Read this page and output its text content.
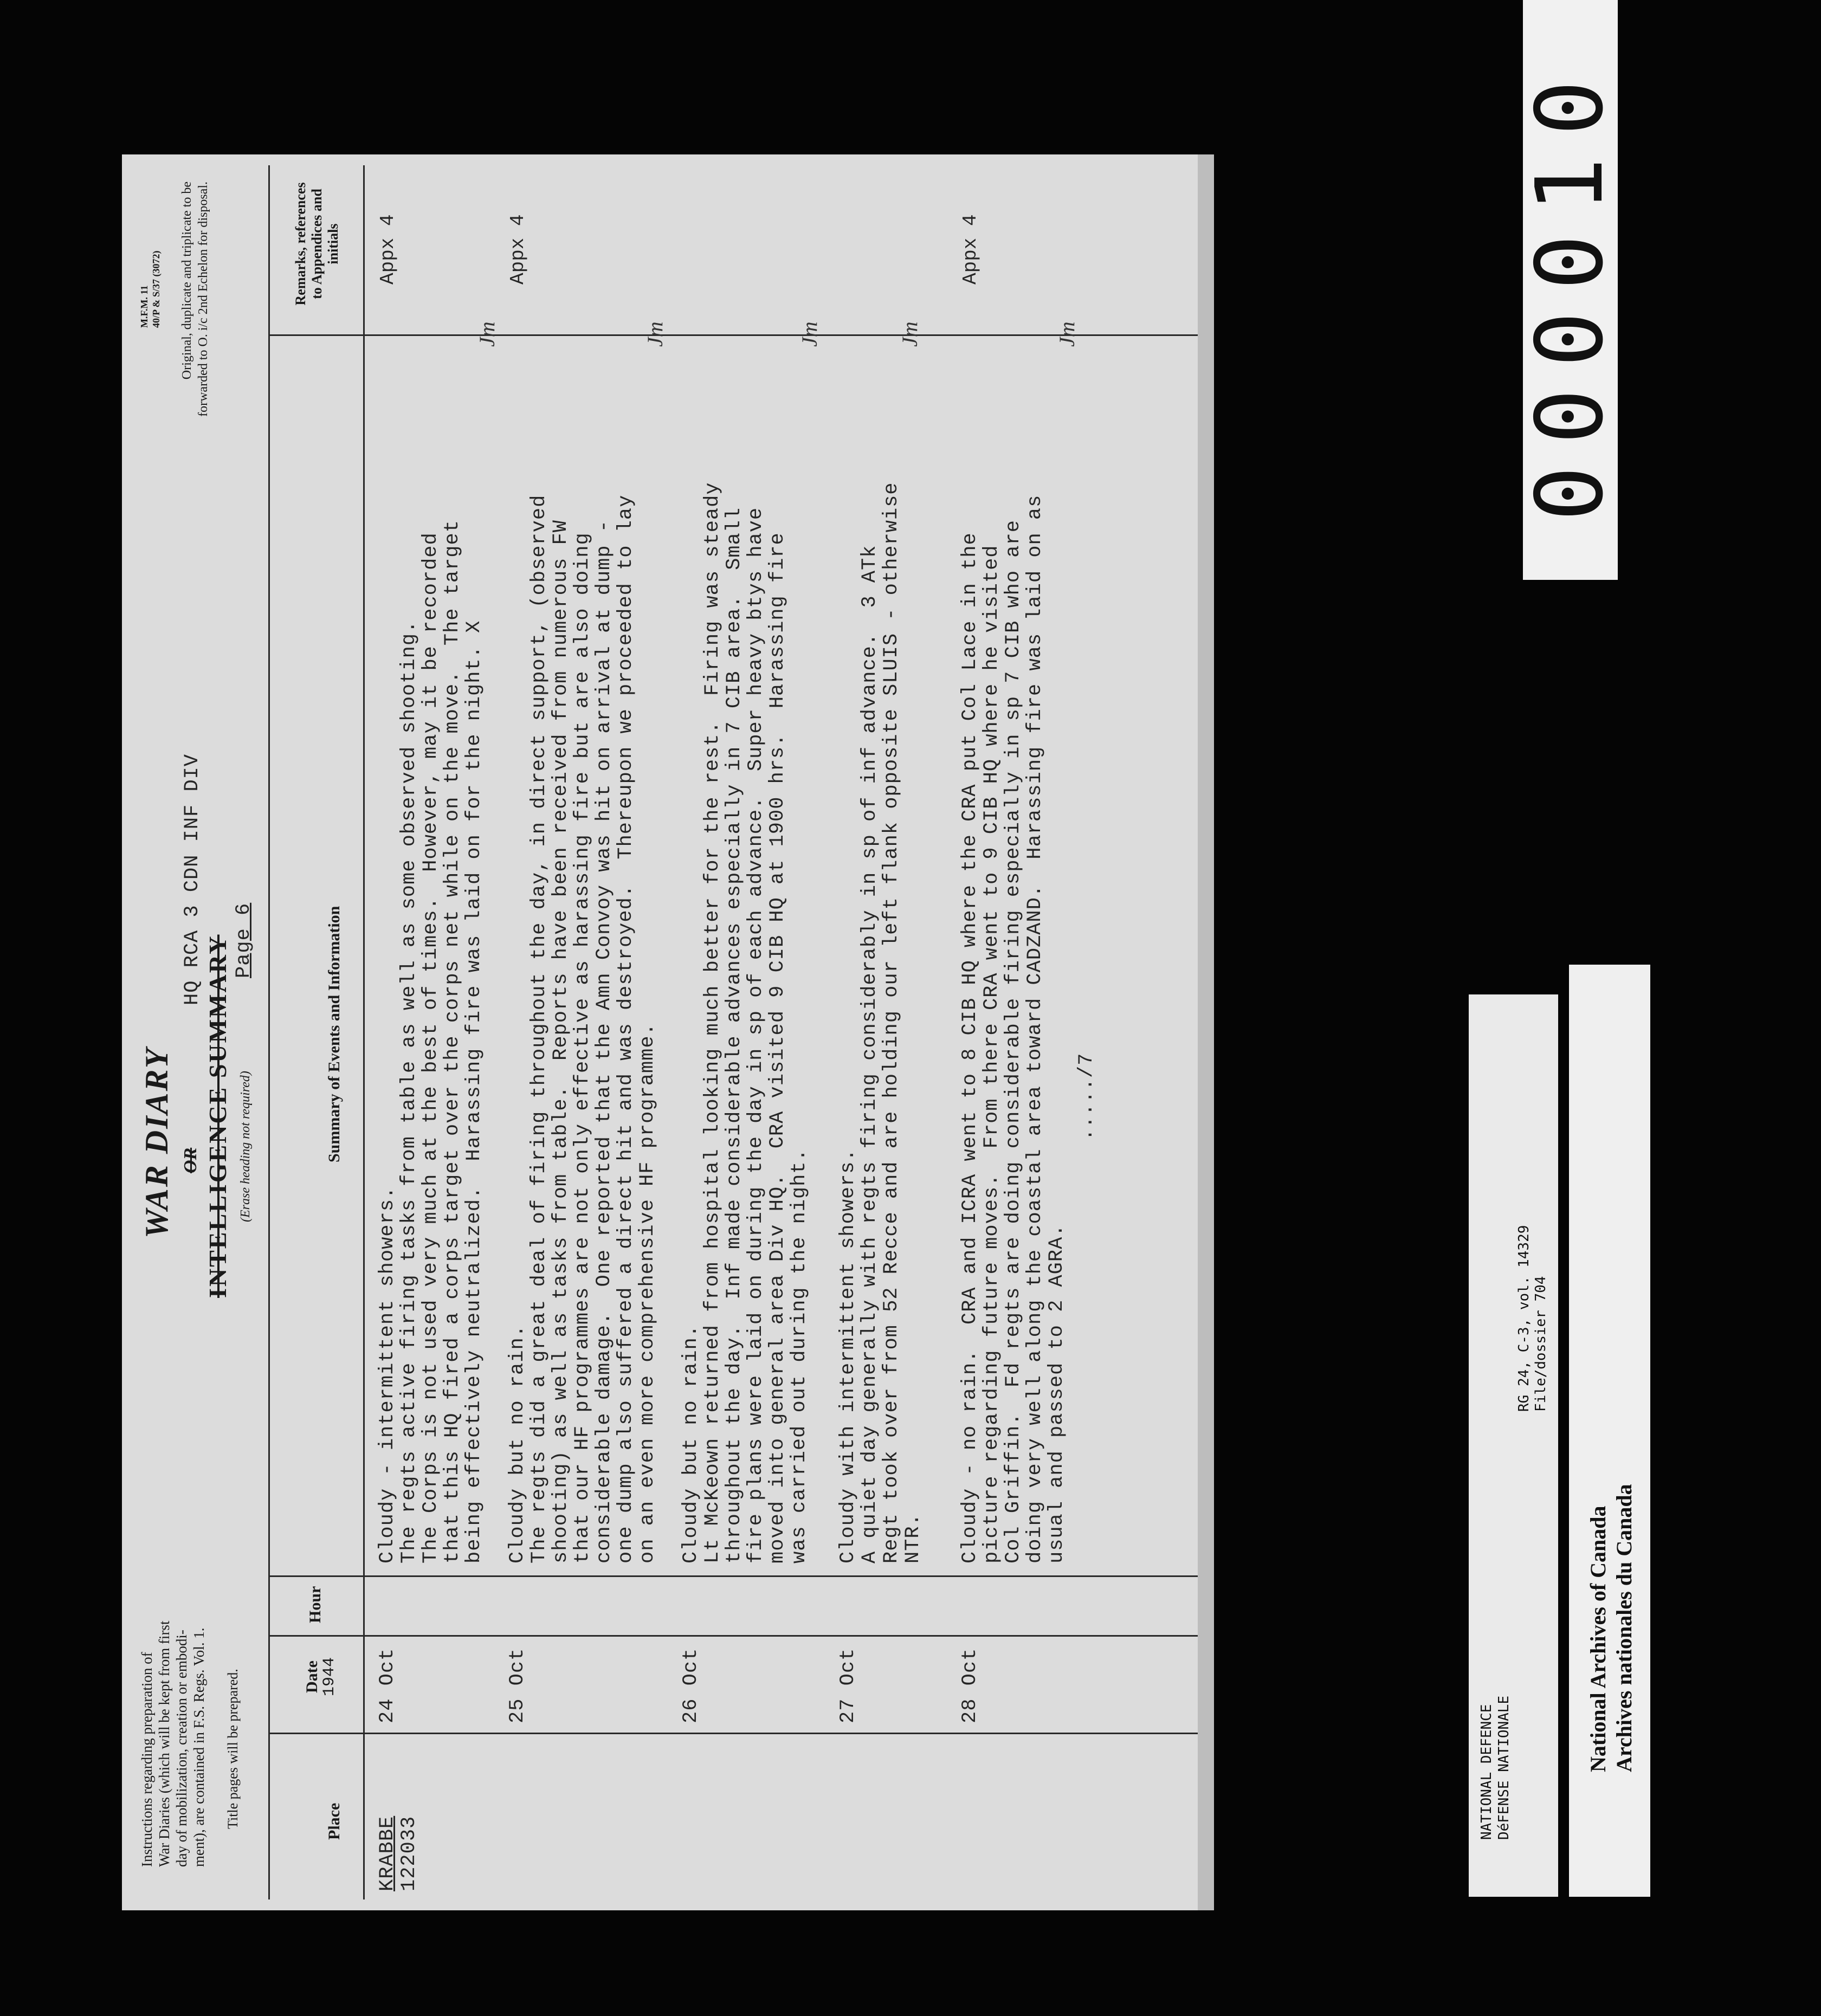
Instructions regarding preparation of War Diaries (which will be kept from first day of mobilization, creation or embodi- ment), are contained in F.S. Regs. Vol. 1. Title pages will be prepared.
WAR DIARY OR INTELLIGENCE SUMMARY (Erase heading not required)
HQ RCA 3 CDN INF DIV Page 6
M.F.M. 11 40/P & S/37 (3072) Original, duplicate and triplicate to be forwarded to O. i/c 2nd Echelon for disposal.
Place
Date 1944
Hour
Summary of Events and Information
Remarks, references to Appendices and initials
KRABBE
122033
24 Oct
Cloudy - intermittent showers.
The regts active firing tasks from table as well as some observed shooting.
The Corps is not used very much at the best of times.  However, may it be recorded
that this HQ fired a corps target over the corps net while on the move.  The target
being effectively neutralized.  Harassing fire was laid on for the night. X
Appx 4
Jm
25 Oct
Cloudy but no rain.
The regts did a great deal of firing throughout the day, in direct support, (observed
shooting) as well as tasks from table.  Reports have been received from numerous FW
that our HF programmes are not only effective as harassing fire but are also doing
considerable damage.  One reported that the Amn Convoy was hit on arrival at dump -
one dump also suffered a direct hit and was destroyed.  Thereupon we proceeded to lay
on an even more comprehensive HF programme.
Appx 4
Jm
26 Oct
Cloudy but no rain.
Lt McKeown returned from hospital looking much better for the rest.  Firing was steady
throughout the day.  Inf made considerable advances especially in 7 CIB area.  Small
fire plans were laid on during the day in sp of each advance.  Super heavy btys have
moved into general area Div HQ.  CRA visited 9 CIB HQ at 1900 hrs.  Harassing fire
was carried out during the night.
Jm
27 Oct
Cloudy with intermittent showers.
A quiet day generally with regts firing considerably in sp of inf advance.  3 ATk
Regt took over from 52 Recce and are holding our left flank opposite SLUIS - otherwise
NTR.
Jm
28 Oct
Cloudy - no rain.  CRA and ICRA went to 8 CIB HQ where the CRA put Col Lace in the
picture regarding future moves.  From there CRA went to 9 CIB HQ where he visited
Col Griffin.  Fd regts are doing considerable firing especially in sp 7 CIB who are
doing very well along the coastal area toward CADZAND.  Harassing fire was laid on as
usual and passed to 2 AGRA.
Appx 4
Jm
...../7
000010
NATIONAL DEFENCE DéFENSE NATIONALE
RG 24, C-3, vol. 14329 File/dossier 704
National Archives of Canada Archives nationales du Canada
